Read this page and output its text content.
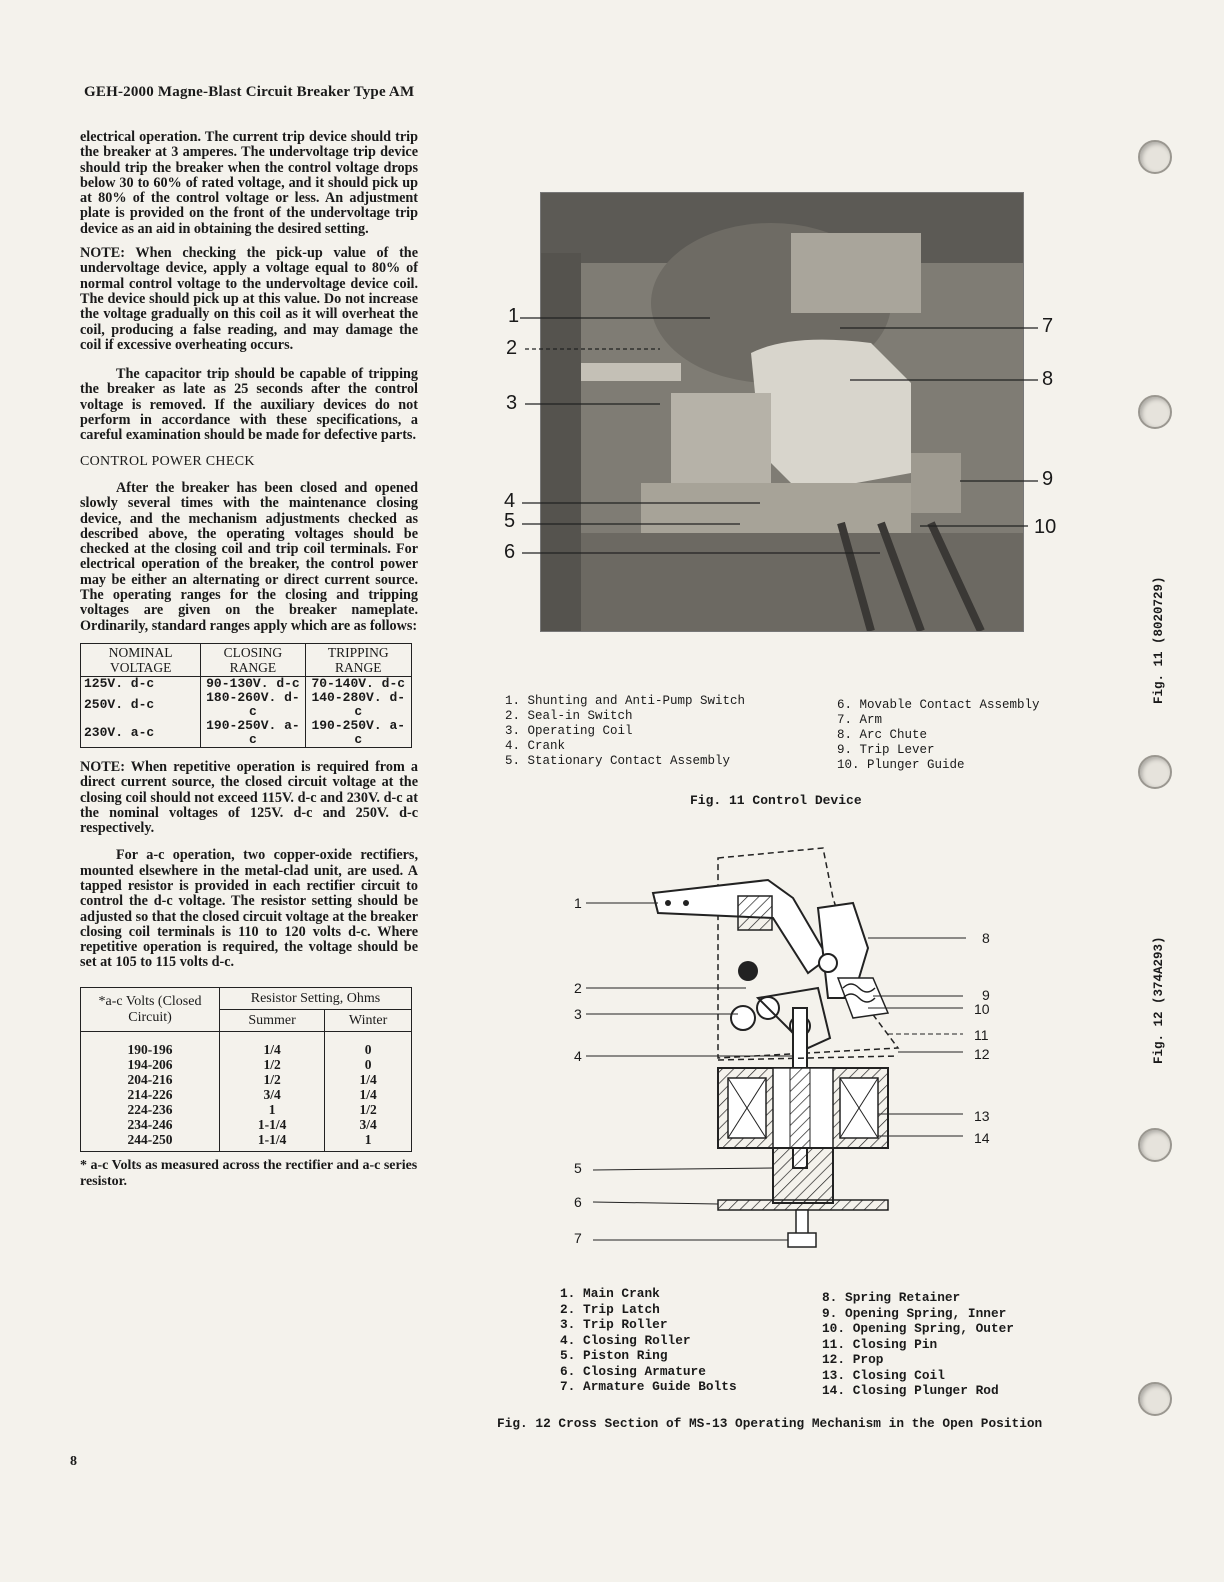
GEH-2000 Magne-Blast Circuit Breaker Type AM

electrical operation. The current trip device should trip the breaker at 3 amperes. The undervoltage trip device should trip the breaker when the control voltage drops below 30 to 60% of rated voltage, and it should pick up at 80% of the control voltage or less. An adjustment plate is provided on the front of the undervoltage trip device as an aid in obtaining the desired setting.

NOTE: When checking the pick-up value of the undervoltage device, apply a voltage equal to 80% of normal control voltage to the undervoltage device coil. The device should pick up at this value. Do not increase the voltage gradually on this coil as it will overheat the coil, producing a false reading, and may damage the coil if excessive overheating occurs.

The capacitor trip should be capable of tripping the breaker as late as 25 seconds after the control voltage is removed. If the auxiliary devices do not perform in accordance with these specifications, a careful examination should be made for defective parts.

CONTROL POWER CHECK

After the breaker has been closed and opened slowly several times with the maintenance closing device, and the mechanism adjustments checked as described above, the operating voltages should be checked at the closing coil and trip coil terminals. For electrical operation of the breaker, the control power may be either an alternating or direct current source. The operating ranges for the closing and tripping voltages are given on the breaker nameplate. Ordinarily, standard ranges apply which are as follows:

NOMINAL VOLTAGE	CLOSING RANGE	TRIPPING RANGE
125V. d-c	90-130V. d-c	70-140V. d-c
250V. d-c	180-260V. d-c	140-280V. d-c
230V. a-c	190-250V. a-c	190-250V. a-c

NOTE: When repetitive operation is required from a direct current source, the closed circuit voltage at the closing coil should not exceed 115V. d-c and 230V. d-c at the nominal voltages of 125V. d-c and 250V. d-c respectively.

For a-c operation, two copper-oxide rectifiers, mounted elsewhere in the metal-clad unit, are used. A tapped resistor is provided in each rectifier circuit to control the d-c voltage. The resistor setting should be adjusted so that the closed circuit voltage at the breaker closing coil terminals is 110 to 120 volts d-c. Where repetitive operation is required, the voltage should be set at 105 to 115 volts d-c.

*a-c Volts (Closed Circuit)	Resistor Setting, Ohms	
	Summer	Winter
190-196	1/4	0
194-206	1/2	0
204-216	1/2	1/4
214-226	3/4	1/4
224-236	1	1/2
234-246	1-1/4	3/4
244-250	1-1/4	1
* a-c Volts as measured across the rectifier and a-c series resistor.
8
1
2
3
4
5
6
7
8
9
10
1. Shunting and Anti-Pump Switch
2. Seal-in Switch
3. Operating Coil
4. Crank
5. Stationary Contact Assembly
6. Movable Contact Assembly
7. Arm
8. Arc Chute
9. Trip Lever
10. Plunger Guide
Fig. 11 Control Device
Fig. 11 (8020729)
1
2
3
4
5
6
7
8
9
10
11
12
13
14
1. Main Crank
2. Trip Latch
3. Trip Roller
4. Closing Roller
5. Piston Ring
6. Closing Armature
7. Armature Guide Bolts
8. Spring Retainer
9. Opening Spring, Inner
10. Opening Spring, Outer
11. Closing Pin
12. Prop
13. Closing Coil
14. Closing Plunger Rod
Fig. 12 Cross Section of MS-13 Operating Mechanism in the Open Position
Fig. 12 (374A293)
